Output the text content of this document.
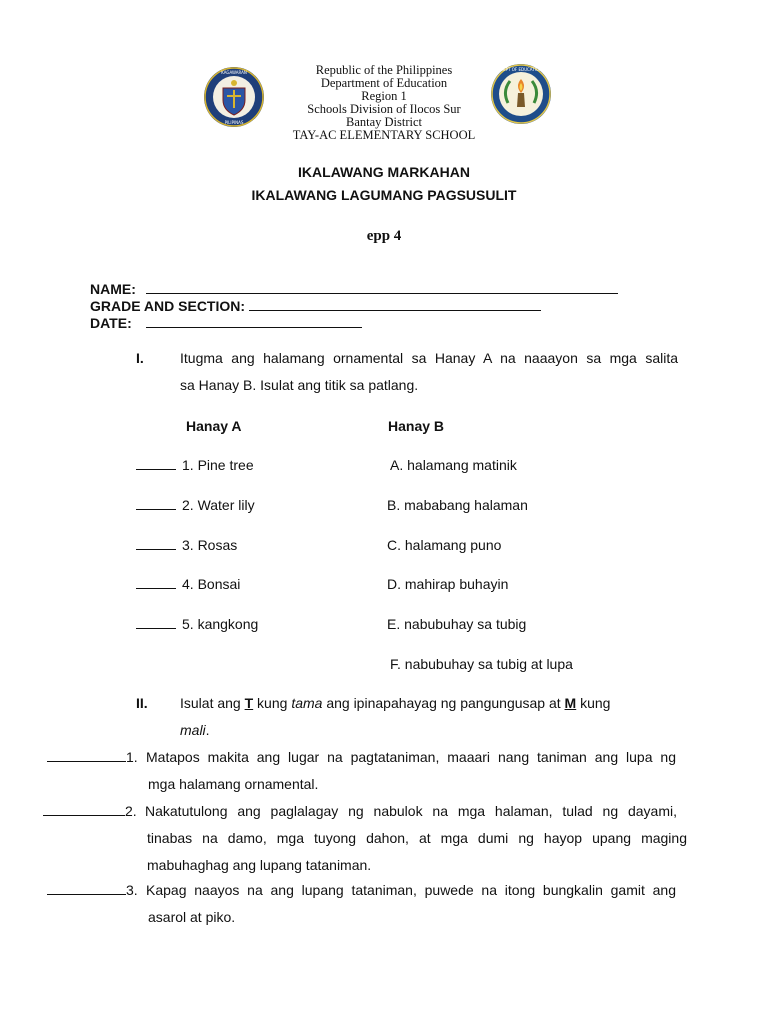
KAGAWARAN
PILIPINAS
DEPT OF EDUCATION
Republic of the Philippines
Department of Education
Region 1
Schools Division of Ilocos Sur
Bantay District
TAY-AC ELEMENTARY SCHOOL
IKALAWANG MARKAHAN
IKALAWANG LAGUMANG PAGSUSULIT
epp 4
NAME:
GRADE AND SECTION:
DATE:
I.	Itugma ang halamang ornamental sa Hanay A na naaayon sa mga salita
sa Hanay B. Isulat ang titik sa patlang.
Hanay A	Hanay B
1. Pine tree
2. Water lily
3. Rosas
4. Bonsai
5. kangkong
A. halamang matinik
B. mababang halaman
C. halamang puno
D. mahirap buhayin
E. nabubuhay sa tubig
F. nabubuhay sa tubig at lupa
II. Isulat ang T kung tama ang ipinapahayag ng pangungusap at M kung
mali.
1. Matapos makita ang lugar na pagtataniman, maaari nang taniman ang lupa ng
mga halamang ornamental.
2. Nakatutulong ang paglalagay ng nabulok na mga halaman, tulad ng dayami,
tinabas na damo, mga tuyong dahon, at mga dumi ng hayop upang maging
mabuhaghag ang lupang tataniman.
3. Kapag naayos na ang lupang tataniman, puwede na itong bungkalin gamit ang
asarol at piko.
